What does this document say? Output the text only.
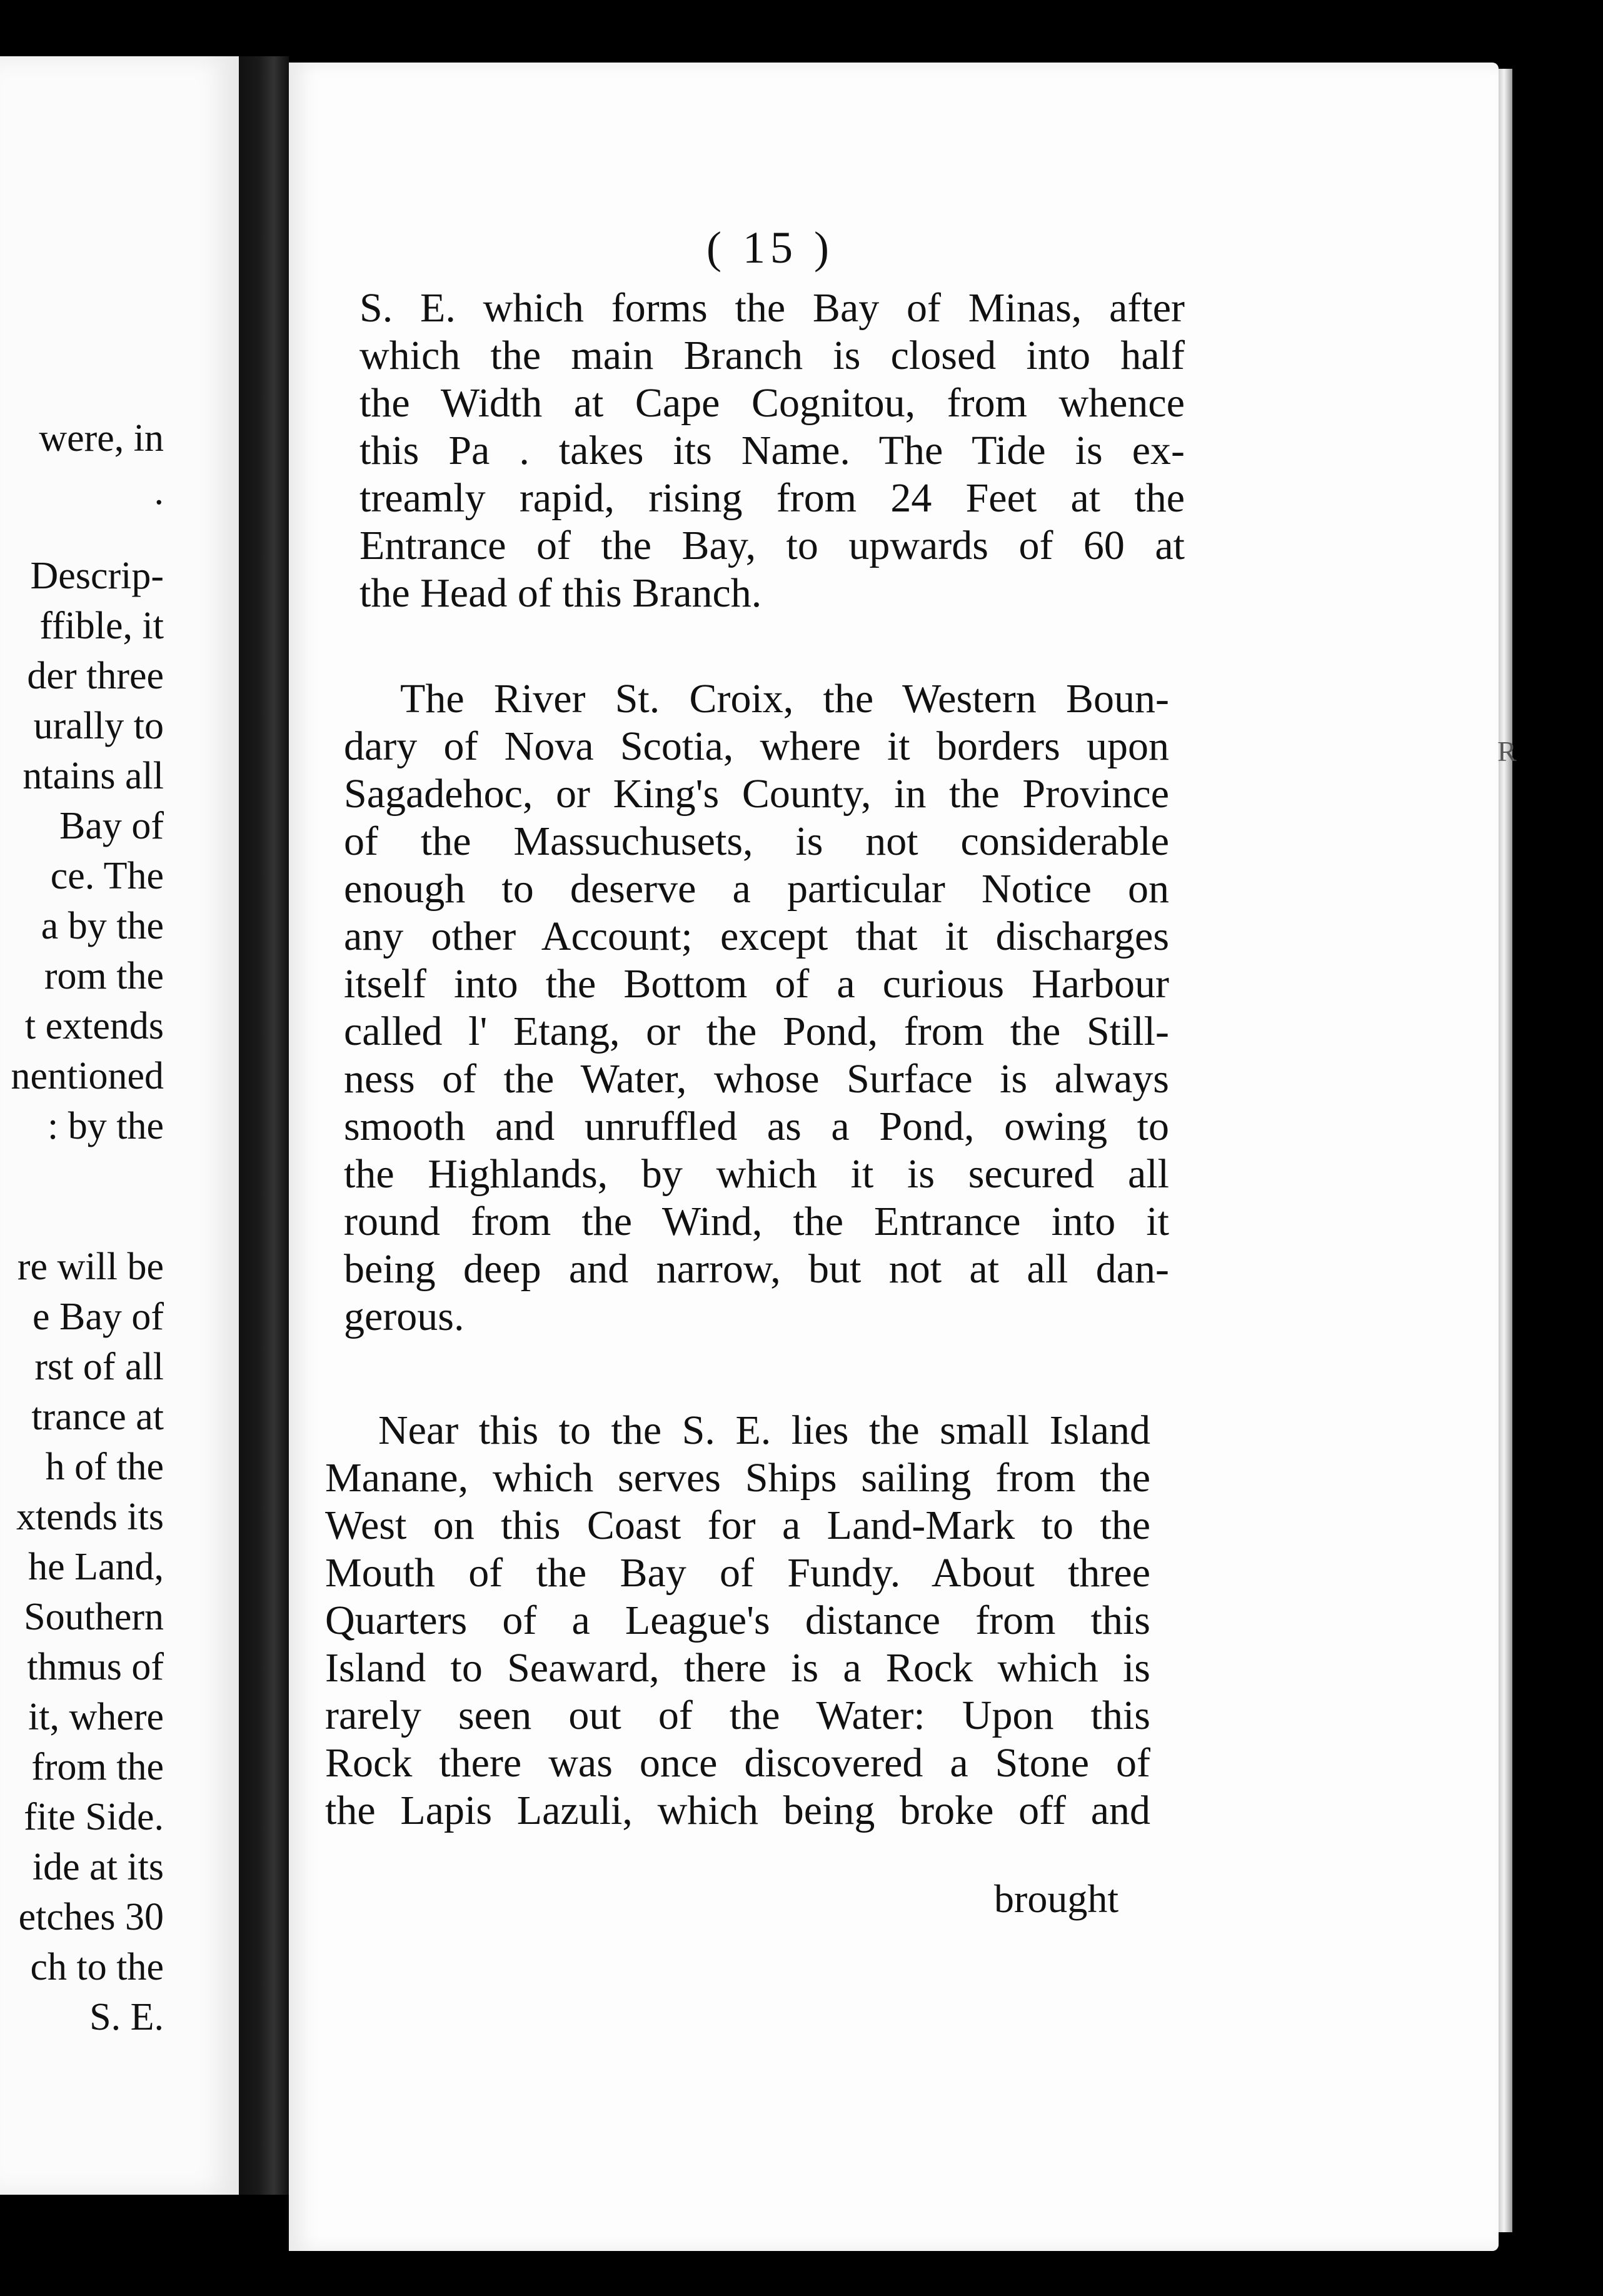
were, in
.
Descrip-
ffible, it
der three
urally to
ntains all
Bay of
ce. The
a by the
rom the
t extends
nentioned
: by the
re will be
e Bay of
rst of all
trance at
h of the
xtends its
he Land,
Southern
thmus of
it, where
from the
fite Side.
ide at its
etches 30
ch to the
S. E.
( 15 )
S. E. which forms the Bay of Minas, after
which the main Branch is closed into half
the Width at Cape Cognitou, from whence
this Pa . takes its Name. The Tide is ex-
treamly rapid, rising from 24 Feet at the
Entrance of the Bay, to upwards of 60 at
the Head of this Branch.
The River St. Croix, the Western Boun-
dary of Nova Scotia, where it borders upon
Sagadehoc, or King's County, in the Province
of the Massuchusets, is not considerable
enough to deserve a particular Notice on
any other Account; except that it discharges
itself into the Bottom of a curious Harbour
called l' Etang, or the Pond, from the Still-
ness of the Water, whose Surface is always
smooth and unruffled as a Pond, owing to
the Highlands, by which it is secured all
round from the Wind, the Entrance into it
being deep and narrow, but not at all dan-
gerous.
Near this to the S. E. lies the small Island
Manane, which serves Ships sailing from the
West on this Coast for a Land-Mark to the
Mouth of the Bay of Fundy. About three
Quarters of a League's distance from this
Island to Seaward, there is a Rock which is
rarely seen out of the Water: Upon this
Rock there was once discovered a Stone of
the Lapis Lazuli, which being broke off and
brought
R
